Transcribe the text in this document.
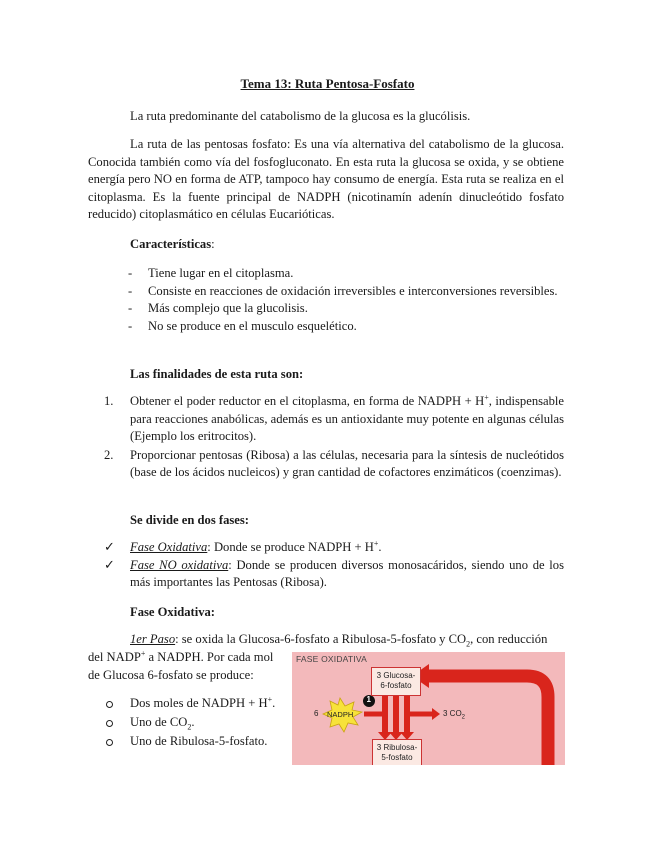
Tema 13: Ruta Pentosa-Fosfato
La ruta predominante del catabolismo de la glucosa es la glucólisis.
La ruta de las pentosas fosfato: Es una vía alternativa del catabolismo de la glucosa. Conocida también como vía del fosfogluconato. En esta ruta la glucosa se oxida, y se obtiene energía pero NO en forma de ATP, tampoco hay consumo de energía. Esta ruta se realiza en el citoplasma. Es la fuente principal de NADPH (nicotinamín adenín dinucleótido fosfato reducido) citoplasmático en células Eucarióticas.
Características:
- Tiene lugar en el citoplasma.
- Consiste en reacciones de oxidación irreversibles e interconversiones reversibles.
- Más complejo que la glucolisis.
- No se produce en el musculo esquelético.
Las finalidades de esta ruta son:
1. Obtener el poder reductor en el citoplasma, en forma de NADPH + H+, indispensable para reacciones anabólicas, además es un antioxidante muy potente en algunas células (Ejemplo los eritrocitos).
2. Proporcionar pentosas (Ribosa) a las células, necesaria para la síntesis de nucleótidos (base de los ácidos nucleicos) y gran cantidad de cofactores enzimáticos (coenzimas).
Se divide en dos fases:
✓ Fase Oxidativa: Donde se produce NADPH + H+.
✓ Fase NO oxidativa: Donde se producen diversos monosacáridos, siendo uno de los más importantes las Pentosas (Ribosa).
Fase Oxidativa:
1er Paso: se oxida la Glucosa-6-fosfato a Ribulosa-5-fosfato y $CO_2$, con reducción
del NADP+ a NADPH. Por cada mol
de Glucosa 6-fosfato se produce:
Dos moles de NADPH + H+.
Uno de $CO_2$.
Uno de Ribulosa-5-fosfato.
FASE OXIDATIVA
3 Glucosa-
6-fosfato
3 Ribulosa-
5-fosfato
6 NADPH
1
3 $CO_2$
